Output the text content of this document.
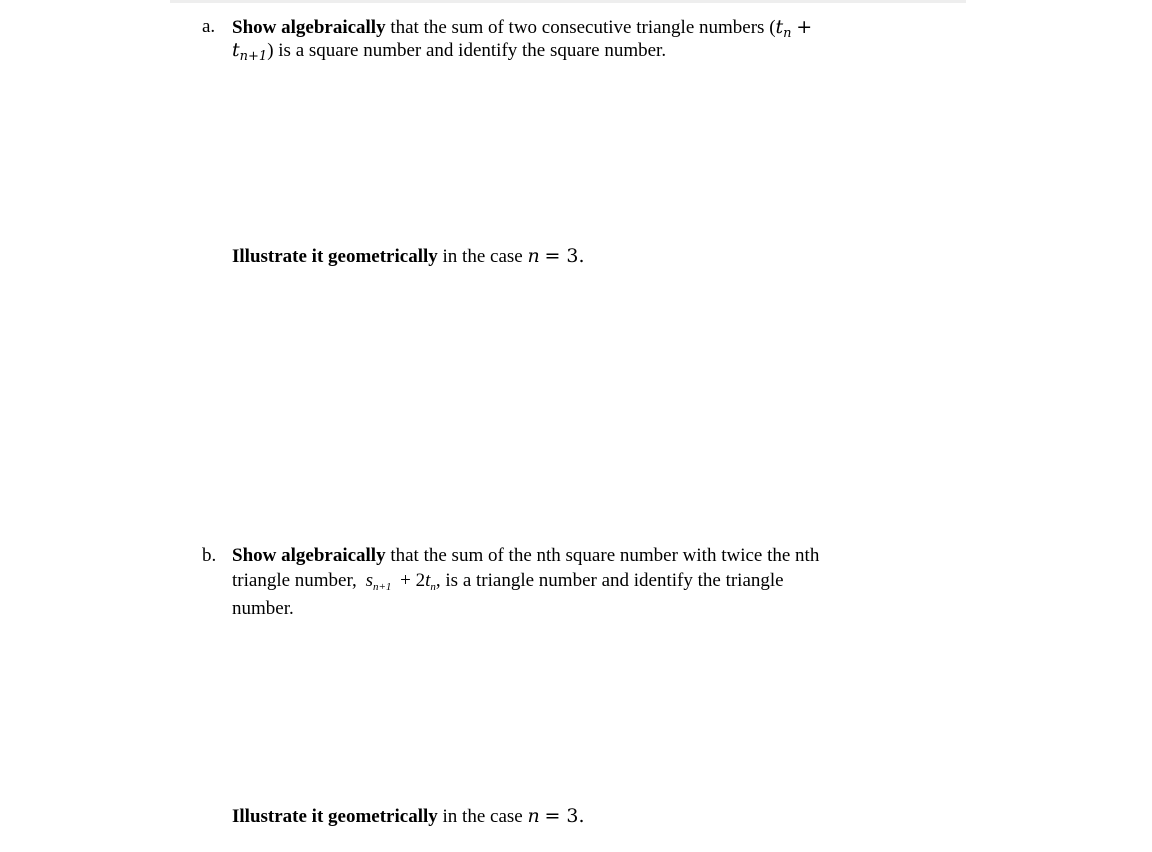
a. Show algebraically that the sum of two consecutive triangle numbers ($t_n$ +
$t_{n+1}$) is a square number and identify the square number.
Illustrate it geometrically in the case n = 3.
b. Show algebraically that the sum of the nth square number with twice the nth
triangle number, $s_{n+1} + 2t_n$, is a triangle number and identify the triangle
number.
Illustrate it geometrically in the case n = 3.
